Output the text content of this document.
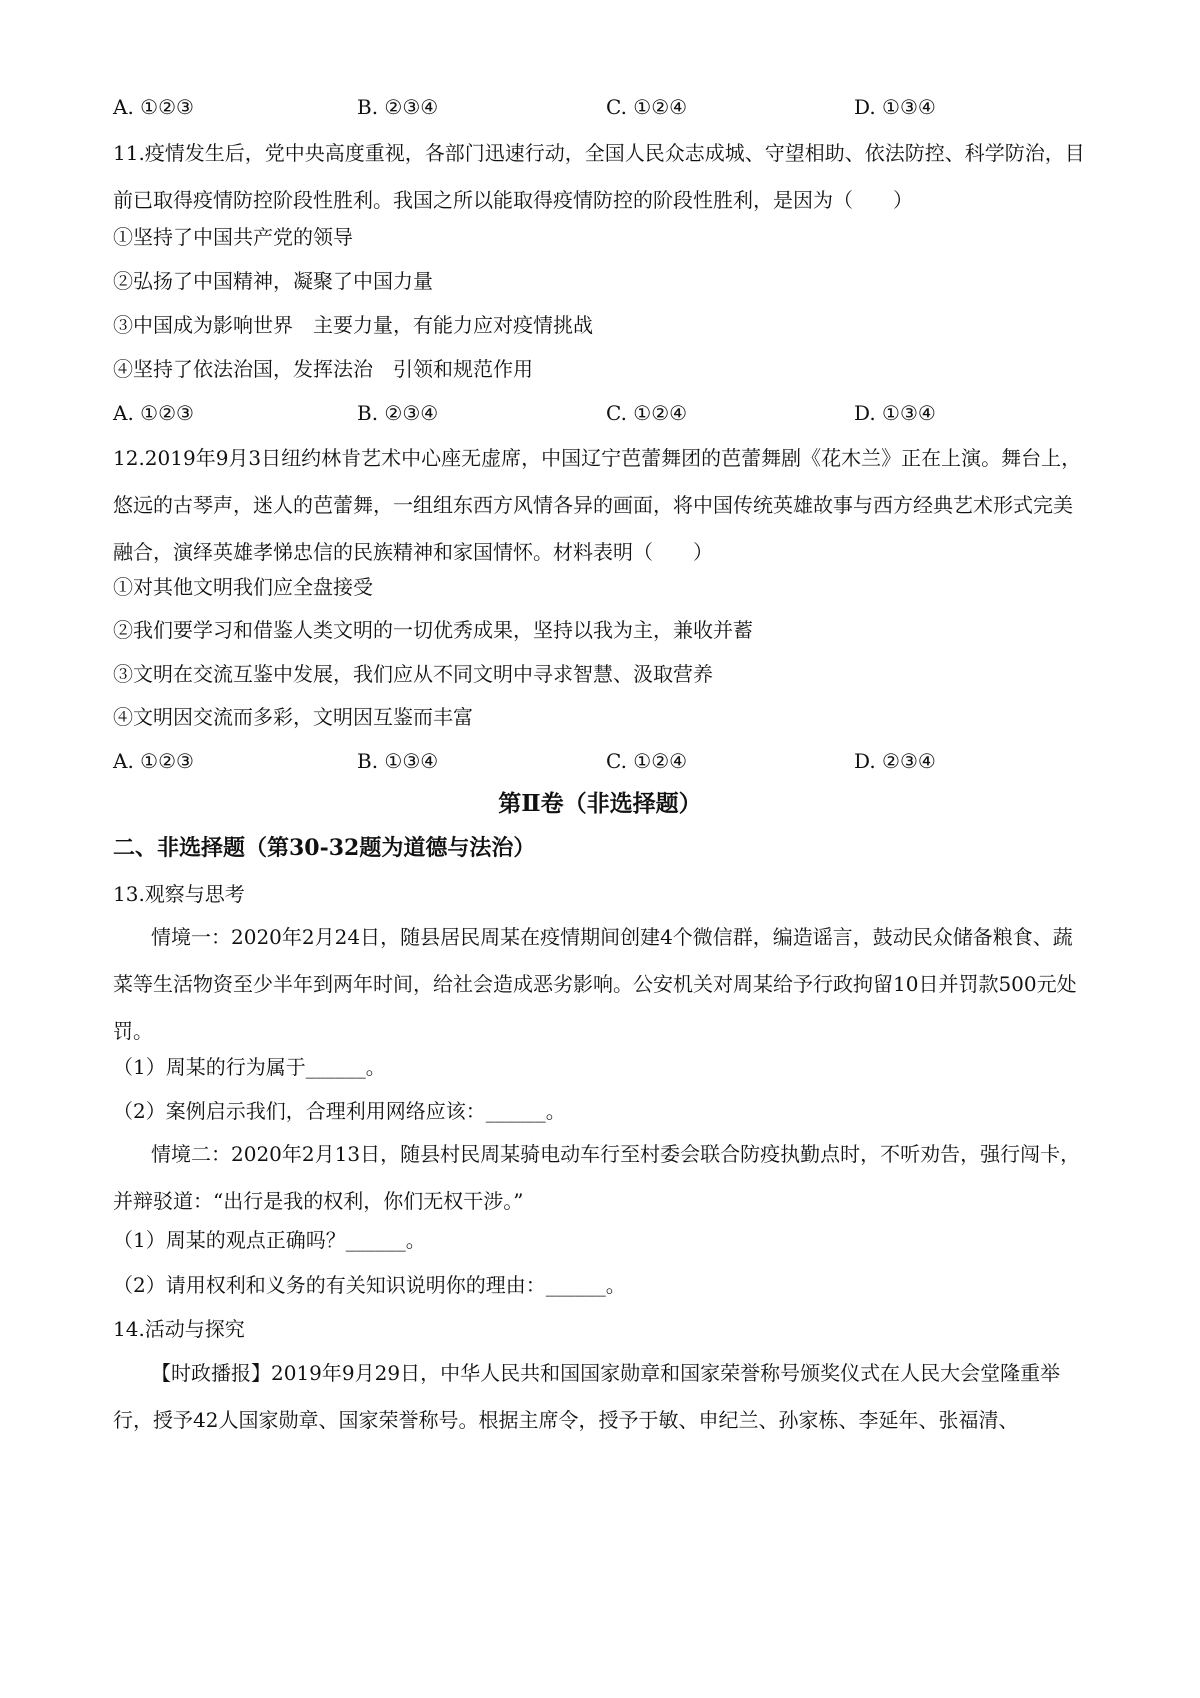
A. ①②③	B. ②③④	C. ①②④	D. ①③④
11.疫情发生后，党中央高度重视，各部门迅速行动，全国人民众志成城、守望相助、依法防控、科学防治，目前已取得疫情防控阶段性胜利。我国之所以能取得疫情防控的阶段性胜利，是因为（　　）
①坚持了中国共产党的领导
②弘扬了中国精神，凝聚了中国力量
③中国成为影响世界　主要力量，有能力应对疫情挑战
④坚持了依法治国，发挥法治　引领和规范作用
A. ①②③	B. ②③④	C. ①②④	D. ①③④
12.2019年9月3日纽约林肯艺术中心座无虚席，中国辽宁芭蕾舞团的芭蕾舞剧《花木兰》正在上演。舞台上，悠远的古琴声，迷人的芭蕾舞，一组组东西方风情各异的画面，将中国传统英雄故事与西方经典艺术形式完美融合，演绎英雄孝悌忠信的民族精神和家国情怀。材料表明（　　）
①对其他文明我们应全盘接受
②我们要学习和借鉴人类文明的一切优秀成果，坚持以我为主，兼收并蓄
③文明在交流互鉴中发展，我们应从不同文明中寻求智慧、汲取营养
④文明因交流而多彩，文明因互鉴而丰富
A. ①②③	B. ①③④	C. ①②④	D. ②③④
第Ⅱ卷（非选择题）
二、非选择题（第30-32题为道德与法治）
13.观察与思考
情境一：2020年2月24日，随县居民周某在疫情期间创建4个微信群，编造谣言，鼓动民众储备粮食、蔬菜等生活物资至少半年到两年时间，给社会造成恶劣影响。公安机关对周某给予行政拘留10日并罚款500元处罚。
（1）周某的行为属于______。
（2）案例启示我们，合理利用网络应该：______。
情境二：2020年2月13日，随县村民周某骑电动车行至村委会联合防疫执勤点时，不听劝告，强行闯卡，并辩驳道：“出行是我的权利，你们无权干涉。”
（1）周某的观点正确吗？______。
（2）请用权利和义务的有关知识说明你的理由：______。
14.活动与探究
【时政播报】2019年9月29日，中华人民共和国国家勋章和国家荣誉称号颁奖仪式在人民大会堂隆重举行，授予42人国家勋章、国家荣誉称号。根据主席令，授予于敏、申纪兰、孙家栋、李延年、张福清、
